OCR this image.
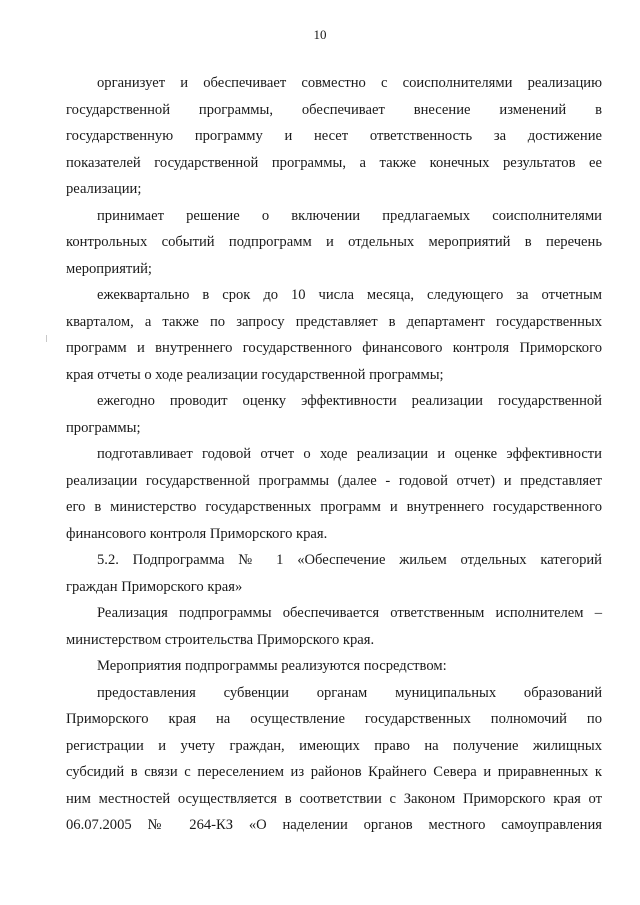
10
организует и обеспечивает совместно с соисполнителями реализацию
государственной программы, обеспечивает внесение изменений в
государственную программу и несет ответственность за достижение
показателей государственной программы, а также конечных результатов ее
реализации;
принимает решение о включении предлагаемых соисполнителями
контрольных событий подпрограмм и отдельных мероприятий в перечень
мероприятий;
ежеквартально в срок до 10 числа месяца, следующего за отчетным
кварталом, а также по запросу представляет в департамент государственных
программ и внутреннего государственного финансового контроля Приморского
края отчеты о ходе реализации государственной программы;
ежегодно проводит оценку эффективности реализации государственной
программы;
подготавливает годовой отчет о ходе реализации и оценке эффективности
реализации государственной программы (далее - годовой отчет) и представляет
его в министерство государственных программ и внутреннего государственного
финансового контроля Приморского края.
5.2. Подпрограмма № 1 «Обеспечение жильем отдельных категорий
граждан Приморского края»
Реализация подпрограммы обеспечивается ответственным исполнителем –
министерством строительства Приморского края.
Мероприятия подпрограммы реализуются посредством:
предоставления субвенции органам муниципальных образований
Приморского края на осуществление государственных полномочий по
регистрации и учету граждан, имеющих право на получение жилищных
субсидий в связи с переселением из районов Крайнего Севера и приравненных к
ним местностей осуществляется в соответствии с Законом Приморского края от
06.07.2005 № 264-КЗ «О наделении органов местного самоуправления
